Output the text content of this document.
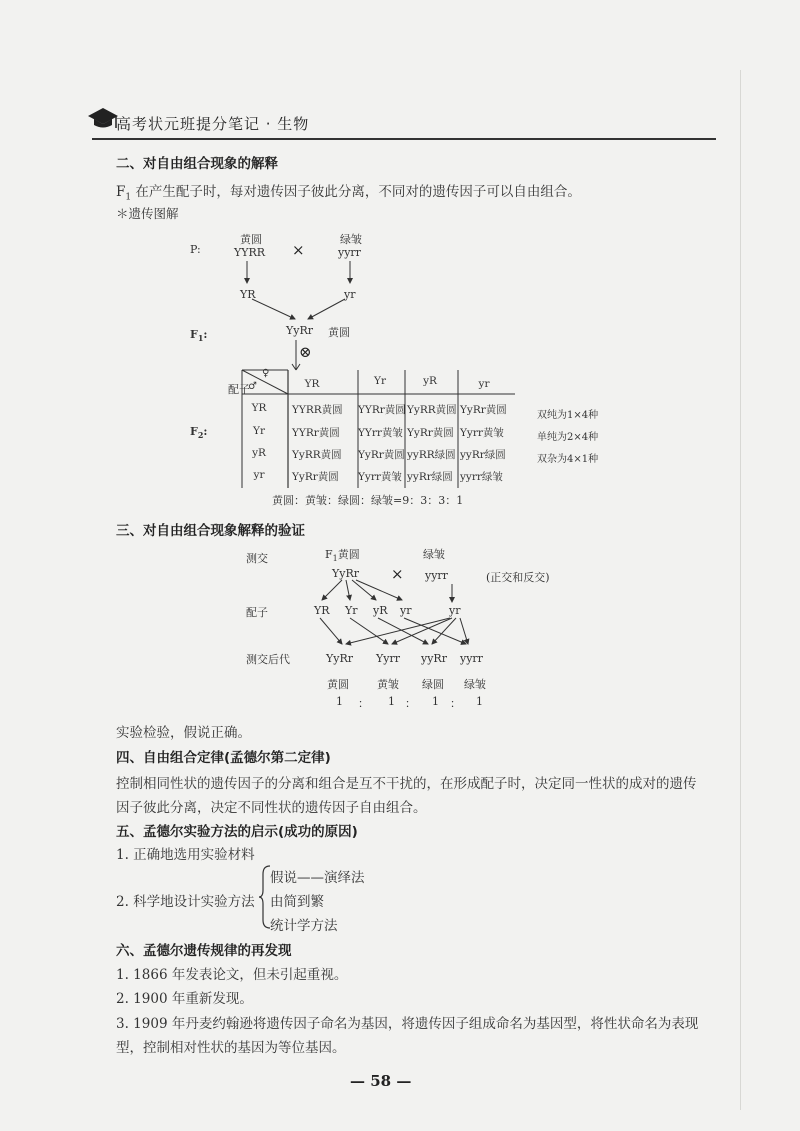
高考状元班提分笔记 · 生物
二、对自由组合现象的解释
$F_1$ 在产生配子时，每对遗传因子彼此分离，不同对的遗传因子可以自由组合。
＊遗传图解
P:
黄圆
YYRR ×
绿皱
yyrr
YR	yr
$F_1$:	YyRr 黄圆
⊗
配子
♀
♂	YR	Yr	yR	yr
YR
Yr
yR
yr
YYRR黄圆 YYRr黄圆 YyRR黄圆 YyRr黄圆
YYRr黄圆 YYrr黄皱 YyRr黄圆 Yyrr黄皱
YyRR黄圆 YyRr黄圆 yyRR绿圆 yyRr绿圆
YyRr黄圆 Yyrr黄皱 yyRr绿圆 yyrr绿皱
$F_2$:
双纯为1×4种
单纯为2×4种
双杂为4×1种
黄圆：黄皱：绿圆：绿皱=9：3：3：1
三、对自由组合现象解释的验证
测交	$F_1$黄圆	绿皱
YyRr × yyrr	(正交和反交)
配子	YR Yr yR yr	yr
测交后代	YyRr Yyrr yyRr yyrr
黄圆	黄皱 绿圆 绿皱
1 ： 1 ： 1 ： 1
实验检验，假说正确。
四、自由组合定律(孟德尔第二定律)
控制相同性状的遗传因子的分离和组合是互不干扰的，在形成配子时，决定同一性状的成对的遗传
因子彼此分离，决定不同性状的遗传因子自由组合。
五、孟德尔实验方法的启示(成功的原因)
1. 正确地选用实验材料
2. 科学地设计实验方法
假说——演绎法
由简到繁
统计学方法
六、孟德尔遗传规律的再发现
1. 1866 年发表论文，但未引起重视。
2. 1900 年重新发现。
3. 1909 年丹麦约翰逊将遗传因子命名为基因，将遗传因子组成命名为基因型，将性状命名为表现
型，控制相对性状的基因为等位基因。
— 58 —
